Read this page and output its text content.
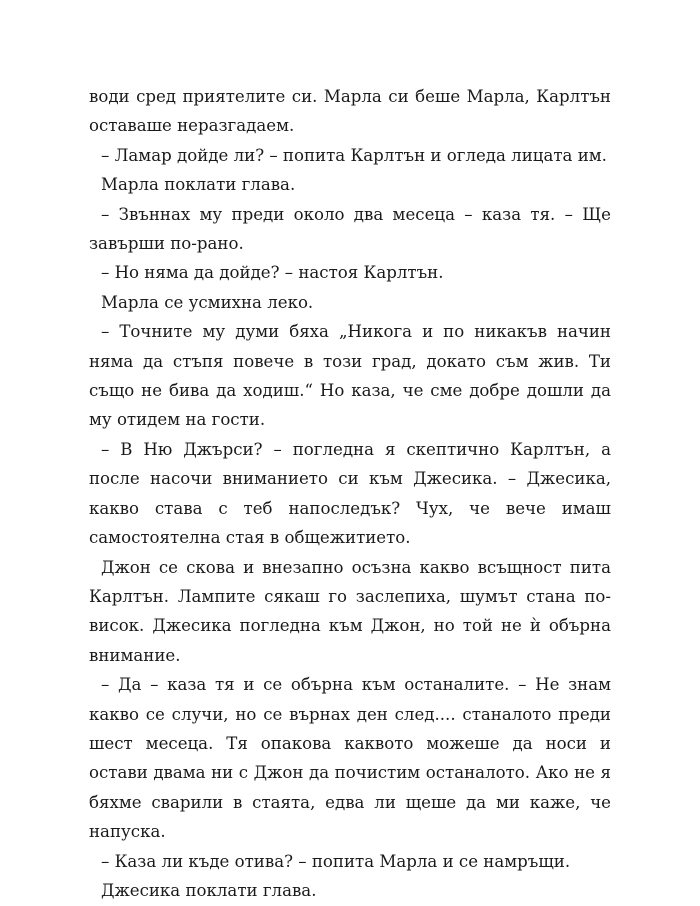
води сред приятелите си. Марла си беше Марла, Карлтън оставаше неразгадаем.

– Ламар дойде ли? – попита Карлтън и огледа лицата им.

Марла поклати глава.

– Звъннах му преди около два месеца – каза тя. – Ще завърши по-рано.

– Но няма да дойде? – настоя Карлтън.

Марла се усмихна леко.

– Точните му думи бяха „Никога и по никакъв начин няма да стъпя повече в този град, докато съм жив. Ти също не бива да ходиш.“ Но каза, че сме добре дошли да му отидем на гости.

– В Ню Джърси? – погледна я скептично Карлтън, а после насочи вниманието си към Джесика. – Джесика, какво става с теб напоследък? Чух, че вече имаш самостоятелна стая в общежитието.

Джон се скова и внезапно осъзна какво всъщност пита Карлтън. Лампите сякаш го заслепиха, шумът стана по-висок. Джесика погледна към Джон, но той не ѝ обърна внимание.

– Да – каза тя и се обърна към останалите. – Не знам какво се случи, но се върнах ден след.... станалото преди шест месеца. Тя опакова каквото можеше да носи и остави двама ни с Джон да почистим останалото. Ако не я бяхме сварили в стаята, едва ли щеше да ми каже, че напуска.

– Каза ли къде отива? – попита Марла и се намръщи.

Джесика поклати глава.
